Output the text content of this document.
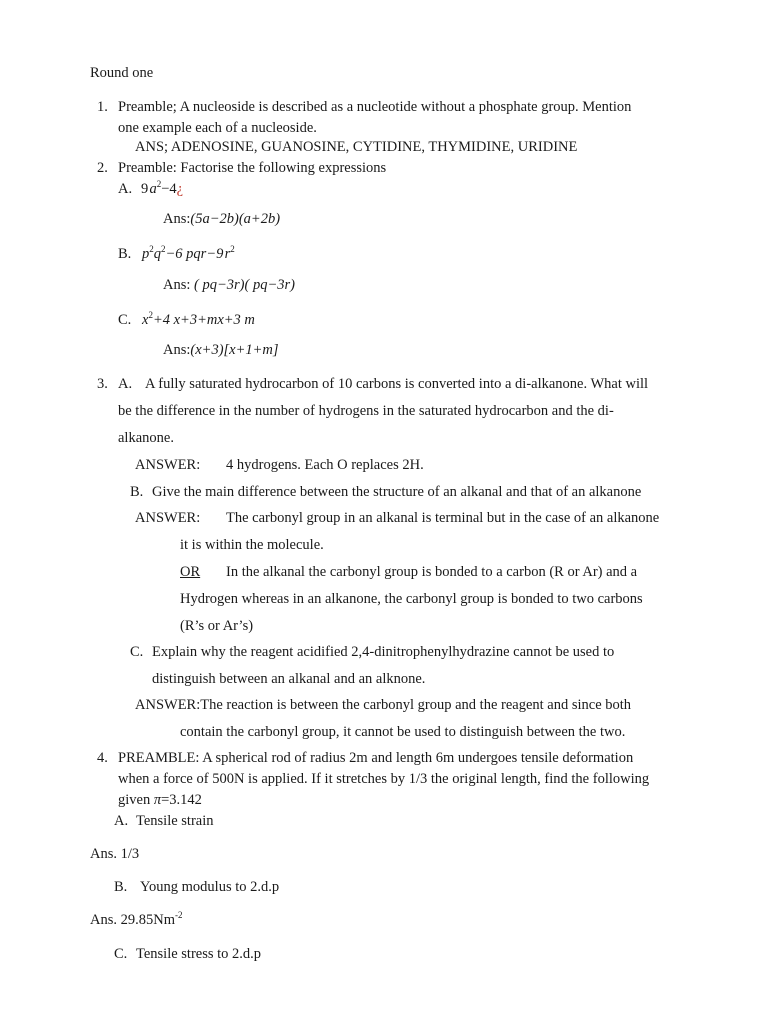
Round one
1. Preamble; A nucleoside is described as a nucleotide without a phosphate group. Mention
one example each of a nucleoside.
ANS; ADENOSINE, GUANOSINE, CYTIDINE, THYMIDINE, URIDINE
2. Preamble: Factorise the following expressions
A. 9 $a^2-4¿$
Ans:(5a−2b)(a+2b)
B. $p^2q^2-6$ pqr−9 $r^2$
Ans: ( pq−3r)( pq−3r)
C. $x^2+4$ x+3+mx+3 m
Ans:(x+3)[x+1+m]
3. A. A fully saturated hydrocarbon of 10 carbons is converted into a di-alkanone. What will
be the difference in the number of hydrogens in the saturated hydrocarbon and the di-
alkanone.
ANSWER: 4 hydrogens. Each O replaces 2H.
B. Give the main difference between the structure of an alkanal and that of an alkanone
ANSWER: The carbonyl group in an alkanal is terminal but in the case of an alkanone
it is within the molecule.
OR In the alkanal the carbonyl group is bonded to a carbon (R or Ar) and a
Hydrogen whereas in an alkanone, the carbonyl group is bonded to two carbons
(R’s or Ar’s)
C. Explain why the reagent acidified 2,4-dinitrophenylhydrazine cannot be used to
distinguish between an alkanal and an alknone.
ANSWER:The reaction is between the carbonyl group and the reagent and since both
contain the carbonyl group, it cannot be used to distinguish between the two.
4. PREAMBLE: A spherical rod of radius 2m and length 6m undergoes tensile deformation
when a force of 500N is applied. If it stretches by 1/3 the original length, find the following
given π=3.142
A. Tensile strain
Ans. 1/3
B. Young modulus to 2.d.p
Ans. $29.85Nm^{-2}$
C. Tensile stress to 2.d.p
